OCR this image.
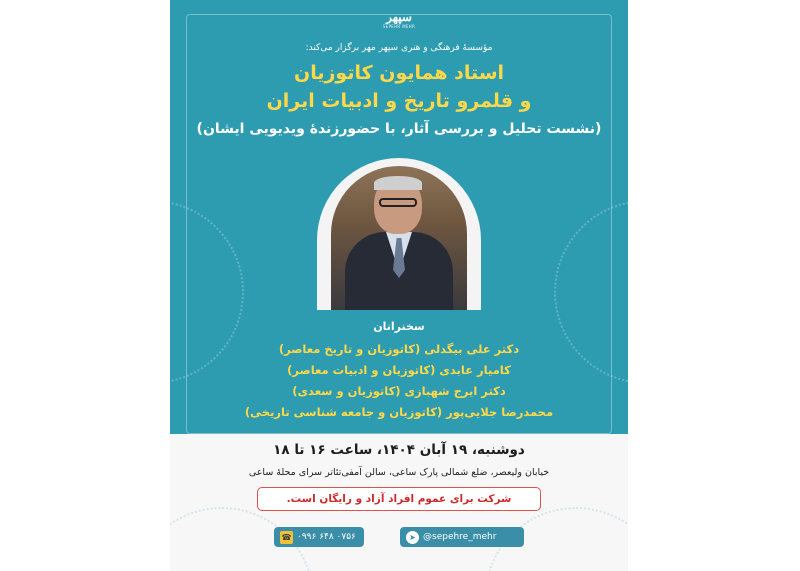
سپهر
SEPEHR MEHR
مؤسسهٔ فرهنگی و هنری سپهر مهر برگزار می‌کند:
استاد همایون کاتوزیان
و قلمرو تاریخ و ادبیات ایران
(نشست تحلیل و بررسی آثار، با حضورزندهٔ ویدیویی ایشان)
سخنرانان
دکتر علی بیگدلی (کاتوزیان و تاریخ معاصر)
کامیار عابدی (کاتوزیان و ادبیات معاصر)
دکتر ایرج شهبازی (کاتوزیان و سعدی)
محمدرضا جلایی‌پور (کاتوزیان و جامعه شناسی تاریخی)
دوشنبه، ۱۹ آبان ۱۴۰۴، ساعت ۱۶ تا ۱۸
خیابان ولیعصر، ضلع شمالی پارک ساعی، سالن آمفی‌تئاتر سرای محلهٔ ساعی
شرکت برای عموم افراد آزاد و رایگان است.
☎ ۰۹۹۶ ۶۴۸ ۰۷۵۶	➤ @sepehre_mehr
